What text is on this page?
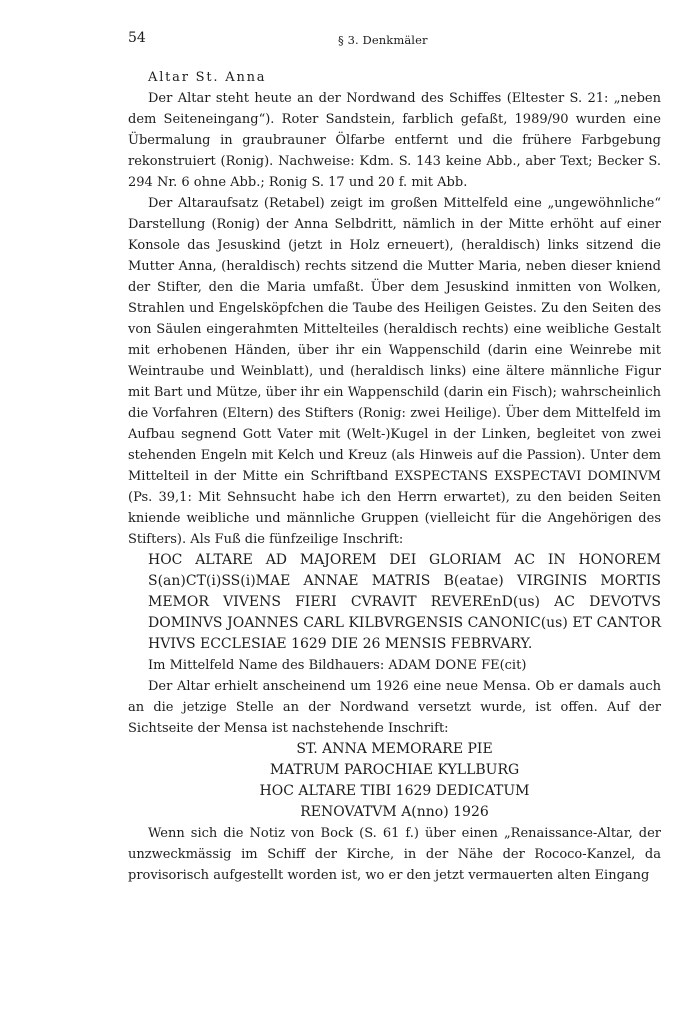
54	§ 3. Denkmäler
Altar St. Anna

Der Altar steht heute an der Nordwand des Schiffes (Eltester S. 21: „neben dem Seiteneingang“). Roter Sandstein, farblich gefaßt, 1989/90 wurden eine Übermalung in graubrauner Ölfarbe entfernt und die frühere Farbgebung rekonstruiert (Ronig). Nachweise: Kdm. S. 143 keine Abb., aber Text; Becker S. 294 Nr. 6 ohne Abb.; Ronig S. 17 und 20 f. mit Abb.

Der Altaraufsatz (Retabel) zeigt im großen Mittelfeld eine „ungewöhnliche“ Darstellung (Ronig) der Anna Selbdritt, nämlich in der Mitte erhöht auf einer Konsole das Jesuskind (jetzt in Holz erneuert), (heraldisch) links sitzend die Mutter Anna, (heraldisch) rechts sitzend die Mutter Maria, neben dieser kniend der Stifter, den die Maria umfaßt. Über dem Jesuskind inmitten von Wolken, Strahlen und Engelsköpfchen die Taube des Heiligen Geistes. Zu den Seiten des von Säulen eingerahmten Mittelteiles (heraldisch rechts) eine weibliche Gestalt mit erhobenen Händen, über ihr ein Wappenschild (darin eine Weinrebe mit Weintraube und Weinblatt), und (heraldisch links) eine ältere männliche Figur mit Bart und Mütze, über ihr ein Wappenschild (darin ein Fisch); wahrscheinlich die Vorfahren (Eltern) des Stifters (Ronig: zwei Heilige). Über dem Mittelfeld im Aufbau segnend Gott Vater mit (Welt-)Kugel in der Linken, begleitet von zwei stehenden Engeln mit Kelch und Kreuz (als Hinweis auf die Passion). Unter dem Mittelteil in der Mitte ein Schriftband EXSPECTANS EXSPECTAVI DOMINVM (Ps. 39,1: Mit Sehnsucht habe ich den Herrn erwartet), zu den beiden Seiten kniende weibliche und männliche Gruppen (vielleicht für die Angehörigen des Stifters). Als Fuß die fünfzeilige Inschrift:

HOC ALTARE AD MAJOREM DEI GLORIAM AC IN HONOREM S(an)CT(i)SS(i)MAE ANNAE MATRIS B(eatae) VIRGINIS MORTIS MEMOR VIVENS FIERI CVRAVIT REVEREnD(us) AC DEVOTVS DOMINVS JOANNES CARL KILBVRGENSIS CANONIC(us) ET CANTOR HVIVS ECCLESIAE 1629 DIE 26 MENSIS FEBRVARY.
Im Mittelfeld Name des Bildhauers: ADAM DONE FE(cit)

Der Altar erhielt anscheinend um 1926 eine neue Mensa. Ob er damals auch an die jetzige Stelle an der Nordwand versetzt wurde, ist offen. Auf der Sichtseite der Mensa ist nachstehende Inschrift:

ST. ANNA MEMORARE PIE
MATRUM PAROCHIAE KYLLBURG
HOC ALTARE TIBI 1629 DEDICATUM
RENOVATVM A(nno) 1926

Wenn sich die Notiz von Bock (S. 61 f.) über einen „Renaissance-Altar, der unzweckmässig im Schiff der Kirche, in der Nähe der Rococo-Kanzel, da provisorisch aufgestellt worden ist, wo er den jetzt vermauerten alten Eingang
